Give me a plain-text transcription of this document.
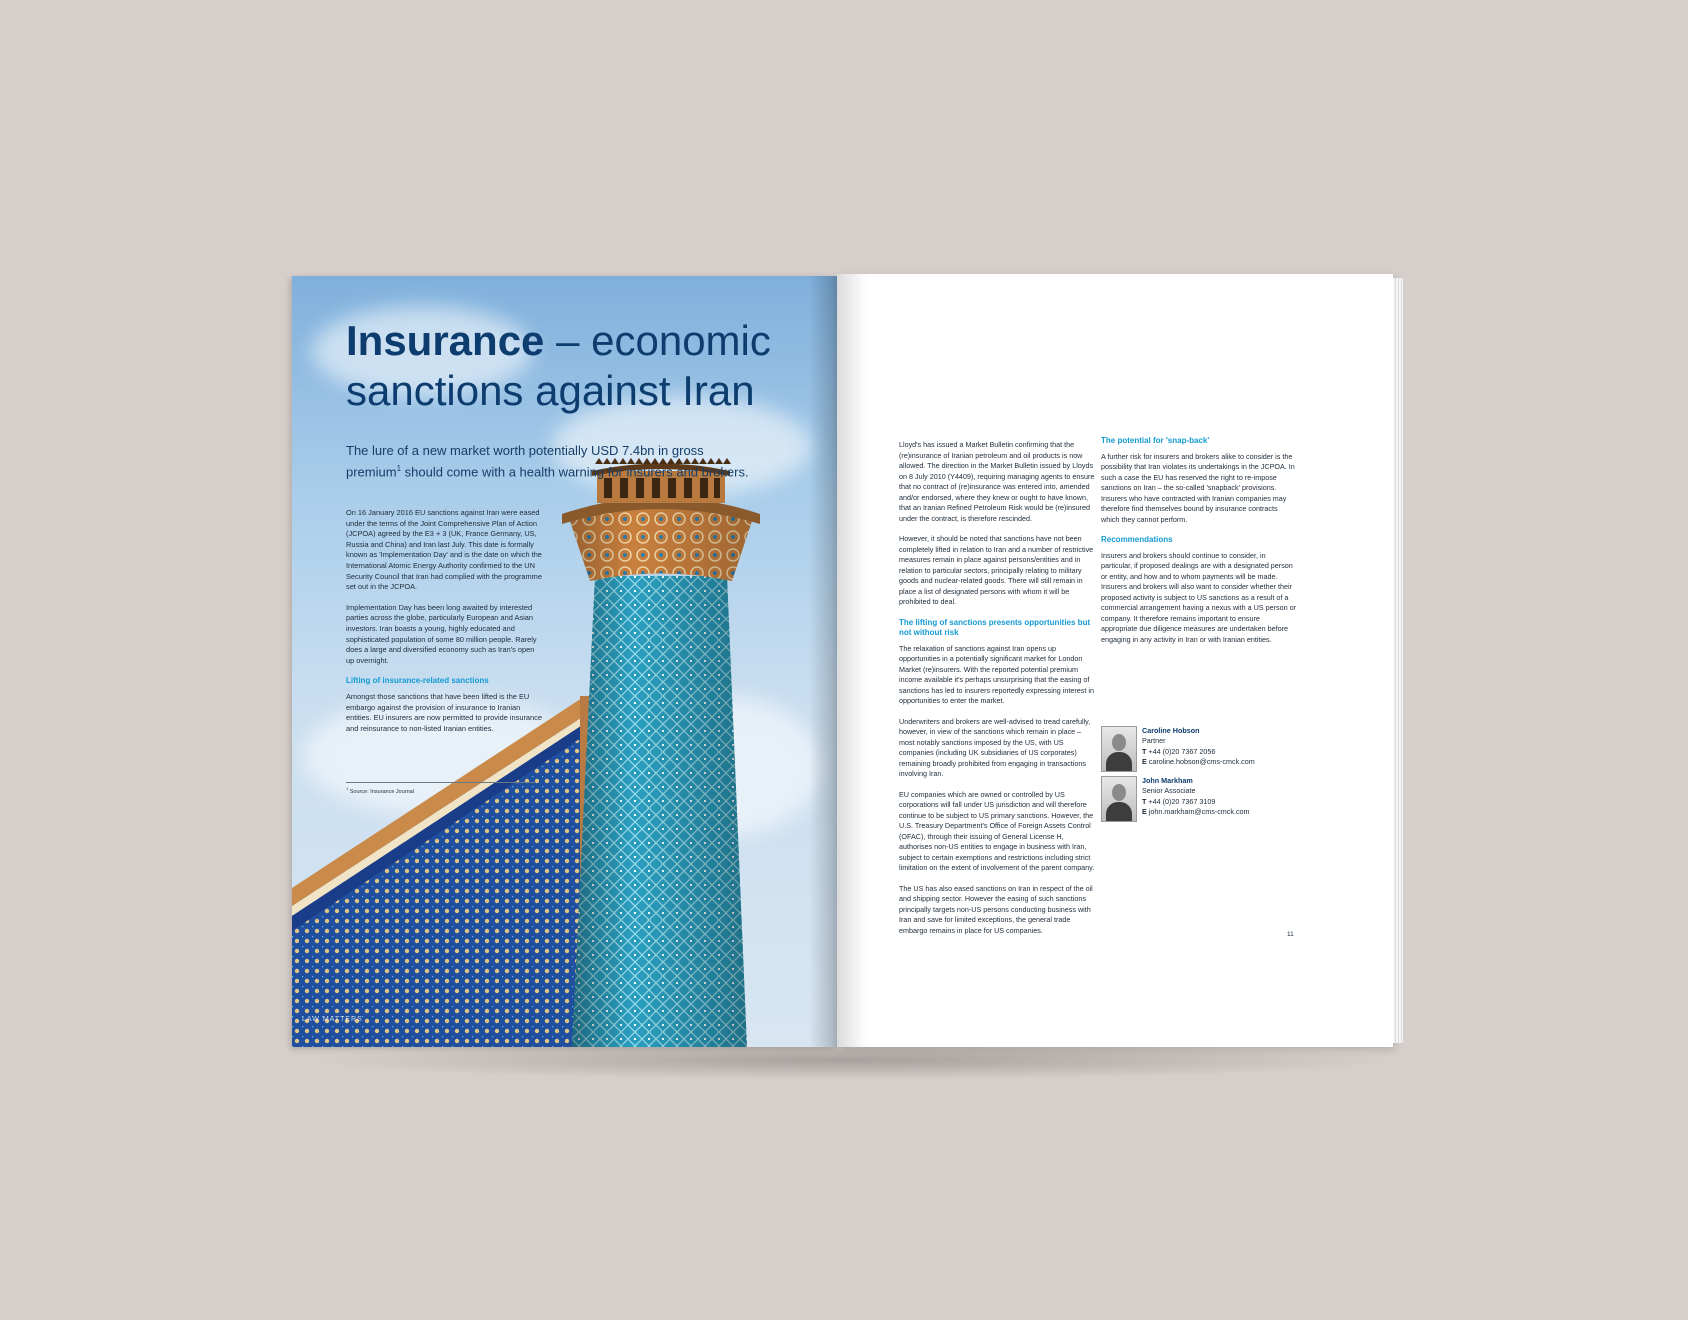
Insurance – economic sanctions against Iran
The lure of a new market worth potentially USD 7.4bn in gross premium$^1$ should come with a health warning for insurers and brokers.

On 16 January 2016 EU sanctions against Iran were eased under the terms of the Joint Comprehensive Plan of Action (JCPOA) agreed by the E3 + 3 (UK, France Germany, US, Russia and China) and Iran last July. This date is formally known as 'Implementation Day' and is the date on which the International Atomic Energy Authority confirmed to the UN Security Council that Iran had complied with the programme set out in the JCPOA.

Implementation Day has been long awaited by interested parties across the globe, particularly European and Asian investors. Iran boasts a young, highly educated and sophisticated population of some 80 million people. Rarely does a large and diversified economy such as Iran's open up overnight.

Lifting of insurance-related sanctions

Amongst those sanctions that have been lifted is the EU embargo against the provision of insurance to Iranian entities. EU insurers are now permitted to provide insurance and reinsurance to non-listed Iranian entities.

$^1$ Source: Insurance Journal
LAW MATTERS

Lloyd's has issued a Market Bulletin confirming that the (re)insurance of Iranian petroleum and oil products is now allowed. The direction in the Market Bulletin issued by Lloyds on 8 July 2010 (Y4409), requiring managing agents to ensure that no contract of (re)insurance was entered into, amended and/or endorsed, where they knew or ought to have known, that an Iranian Refined Petroleum Risk would be (re)insured under the contract, is therefore rescinded.

However, it should be noted that sanctions have not been completely lifted in relation to Iran and a number of restrictive measures remain in place against persons/entities and in relation to particular sectors, principally relating to military goods and nuclear-related goods. There will still remain in place a list of designated persons with whom it will be prohibited to deal.

The lifting of sanctions presents opportunities but not without risk

The relaxation of sanctions against Iran opens up opportunities in a potentially significant market for London Market (re)insurers. With the reported potential premium income available it's perhaps unsurprising that the easing of sanctions has led to insurers reportedly expressing interest in opportunities to enter the market.

Underwriters and brokers are well-advised to tread carefully, however, in view of the sanctions which remain in place – most notably sanctions imposed by the US, with US companies (including UK subsidiaries of US corporates) remaining broadly prohibited from engaging in transactions involving Iran.

EU companies which are owned or controlled by US corporations will fall under US jurisdiction and will therefore continue to be subject to US primary sanctions. However, the U.S. Treasury Department's Office of Foreign Assets Control (OFAC), through their issuing of General License H, authorises non-US entities to engage in business with Iran, subject to certain exemptions and restrictions including strict limitation on the extent of involvement of the parent company.

The US has also eased sanctions on Iran in respect of the oil and shipping sector. However the easing of such sanctions principally targets non-US persons conducting business with Iran and save for limited exceptions, the general trade embargo remains in place for US companies.

The potential for 'snap-back'

A further risk for insurers and brokers alike to consider is the possibility that Iran violates its undertakings in the JCPOA. In such a case the EU has reserved the right to re-impose sanctions on Iran – the so-called 'snapback' provisions. Insurers who have contracted with Iranian companies may therefore find themselves bound by insurance contracts which they cannot perform.

Recommendations

Insurers and brokers should continue to consider, in particular, if proposed dealings are with a designated person or entity, and how and to whom payments will be made. Insurers and brokers will also want to consider whether their proposed activity is subject to US sanctions as a result of a commercial arrangement having a nexus with a US person or company. It therefore remains important to ensure appropriate due diligence measures are undertaken before engaging in any activity in Iran or with Iranian entities.

Caroline Hobson
Partner
T +44 (0)20 7367 2056
E caroline.hobson@cms-cmck.com
John Markham
Senior Associate
T +44 (0)20 7367 3109
E john.markham@cms-cmck.com
11
